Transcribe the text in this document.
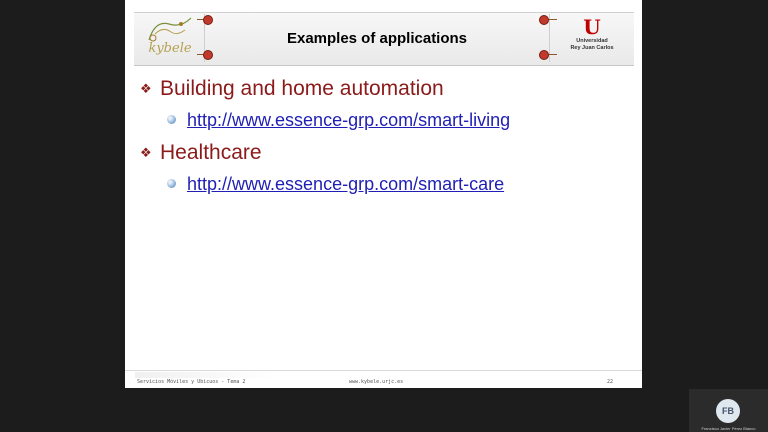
kybele
Examples of applications	U
Universidad
Rey Juan Carlos
❖ Building and home automation
http://www.essence-grp.com/smart-living
❖ Healthcare
http://www.essence-grp.com/smart-care
Servicios Móviles y Ubicuos - Tema 2	www.kybele.urjc.es	22
FB
Francisco Javier Pérez Blanco
